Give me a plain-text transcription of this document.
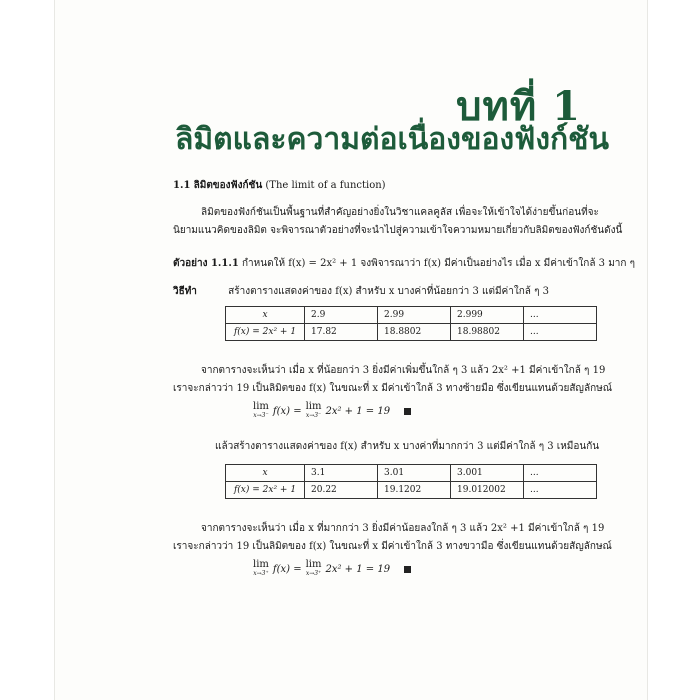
บทที่ 1
ลิมิตและความต่อเนื่องของฟังก์ชัน
1.1 ลิมิตของฟังก์ชัน (The limit of a function)
ลิมิตของฟังก์ชันเป็นพื้นฐานที่สำคัญอย่างยิ่งในวิชาแคลคูลัส เพื่อจะให้เข้าใจได้ง่ายขึ้นก่อนที่จะ
นิยามแนวคิดของลิมิต จะพิจารณาตัวอย่างที่จะนำไปสู่ความเข้าใจความหมายเกี่ยวกับลิมิตของฟังก์ชันดังนี้
ตัวอย่าง 1.1.1 กำหนดให้ f(x) = 2x² + 1 จงพิจารณาว่า f(x) มีค่าเป็นอย่างไร เมื่อ x มีค่าเข้าใกล้ 3 มาก ๆ
วิธีทำ	สร้างตารางแสดงค่าของ f(x) สำหรับ x บางค่าที่น้อยกว่า 3 แต่มีค่าใกล้ ๆ 3
x	2.9	2.99	2.999	...
f(x) = 2x² + 1	17.82	18.8802	18.98802	...
จากตารางจะเห็นว่า เมื่อ x ที่น้อยกว่า 3 ยิ่งมีค่าเพิ่มขึ้นใกล้ ๆ 3 แล้ว 2x² +1 มีค่าเข้าใกล้ ๆ 19
เราจะกล่าวว่า 19 เป็นลิมิตของ f(x) ในขณะที่ x มีค่าเข้าใกล้ 3 ทางซ้ายมือ ซึ่งเขียนแทนด้วยสัญลักษณ์
lim
x→3⁻ f(x) = lim
x→3⁻ 2x² + 1 = 19
แล้วสร้างตารางแสดงค่าของ f(x) สำหรับ x บางค่าที่มากกว่า 3 แต่มีค่าใกล้ ๆ 3 เหมือนกัน
x	3.1	3.01	3.001	...
f(x) = 2x² + 1	20.22	19.1202	19.012002	...
จากตารางจะเห็นว่า เมื่อ x ที่มากกว่า 3 ยิ่งมีค่าน้อยลงใกล้ ๆ 3 แล้ว 2x² +1 มีค่าเข้าใกล้ ๆ 19
เราจะกล่าวว่า 19 เป็นลิมิตของ f(x) ในขณะที่ x มีค่าเข้าใกล้ 3 ทางขวามือ ซึ่งเขียนแทนด้วยสัญลักษณ์
lim
x→3⁺ f(x) = lim
x→3⁺ 2x² + 1 = 19
